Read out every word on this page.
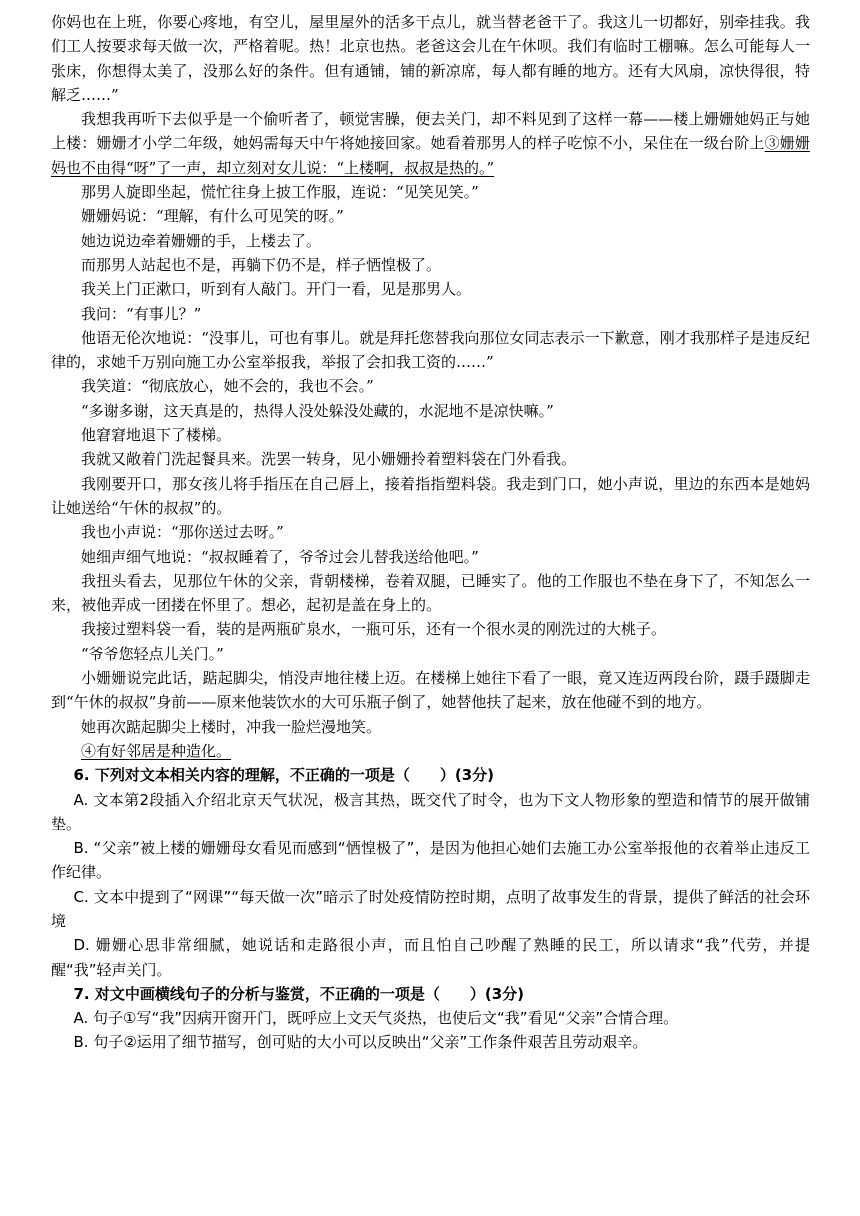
你妈也在上班，你要心疼地，有空儿，屋里屋外的活多干点儿，就当替老爸干了。我这儿一切都好，别牵挂我。我们工人按要求每天做一次，严格着呢。热！北京也热。老爸这会儿在午休呗。我们有临时工棚嘛。怎么可能每人一张床，你想得太美了，没那么好的条件。但有通铺，铺的新凉席，每人都有睡的地方。还有大风扇，凉快得很，特解乏……”

我想我再听下去似乎是一个偷听者了，顿觉害臊，便去关门，却不料见到了这样一幕——楼上姗姗她妈正与她上楼：姗姗才小学二年级，她妈需每天中午将她接回家。她看着那男人的样子吃惊不小，呆住在一级台阶上③姗姗妈也不由得“呀”了一声，却立刻对女儿说：“上楼啊，叔叔是热的。”

那男人旋即坐起，慌忙往身上披工作服，连说：“见笑见笑。”

姗姗妈说：“理解，有什么可见笑的呀。”

她边说边牵着姗姗的手，上楼去了。

而那男人站起也不是，再躺下仍不是，样子恓惶极了。

我关上门正漱口，听到有人敲门。开门一看，见是那男人。

我问：“有事儿？”

他语无伦次地说：“没事儿，可也有事儿。就是拜托您替我向那位女同志表示一下歉意，刚才我那样子是违反纪律的，求她千万别向施工办公室举报我，举报了会扣我工资的……”

我笑道：“彻底放心，她不会的，我也不会。”

“多谢多谢，这天真是的，热得人没处躲没处藏的，水泥地不是凉快嘛。”

他窘窘地退下了楼梯。

我就又敞着门洗起餐具来。洗罢一转身，见小姗姗拎着塑料袋在门外看我。

我刚要开口，那女孩儿将手指压在自己唇上，接着指指塑料袋。我走到门口，她小声说，里边的东西本是她妈让她送给“午休的叔叔”的。

我也小声说：“那你送过去呀。”

她细声细气地说：“叔叔睡着了，爷爷过会儿替我送给他吧。”

我扭头看去，见那位午休的父亲，背朝楼梯，卷着双腿，已睡实了。他的工作服也不垫在身下了，不知怎么一来，被他弄成一团搂在怀里了。想必，起初是盖在身上的。

我接过塑料袋一看，装的是两瓶矿泉水，一瓶可乐，还有一个很水灵的刚洗过的大桃子。

“爷爷您轻点儿关门。”

小姗姗说完此话，踮起脚尖，悄没声地往楼上迈。在楼梯上她往下看了一眼，竟又连迈两段台阶，蹑手蹑脚走到“午休的叔叔”身前——原来他装饮水的大可乐瓶子倒了，她替他扶了起来，放在他碰不到的地方。

她再次踮起脚尖上楼时，冲我一脸烂漫地笑。

④有好邻居是种造化。

6. 下列对文本相关内容的理解，不正确的一项是（　　）(3分)

A. 文本第2段插入介绍北京天气状况，极言其热，既交代了时令，也为下文人物形象的塑造和情节的展开做铺垫。

B. “父亲”被上楼的姗姗母女看见而感到“恓惶极了”，是因为他担心她们去施工办公室举报他的衣着举止违反工作纪律。

C. 文本中提到了“网课”“每天做一次”暗示了时处疫情防控时期，点明了故事发生的背景，提供了鲜活的社会环境

D. 姗姗心思非常细腻，她说话和走路很小声，而且怕自己吵醒了熟睡的民工，所以请求“我”代劳，并提醒“我”轻声关门。

7. 对文中画横线句子的分析与鉴赏，不正确的一项是（　　）(3分)

A. 句子①写“我”因病开窗开门，既呼应上文天气炎热，也使后文“我”看见“父亲”合情合理。

B. 句子②运用了细节描写，创可贴的大小可以反映出“父亲”工作条件艰苦且劳动艰辛。
